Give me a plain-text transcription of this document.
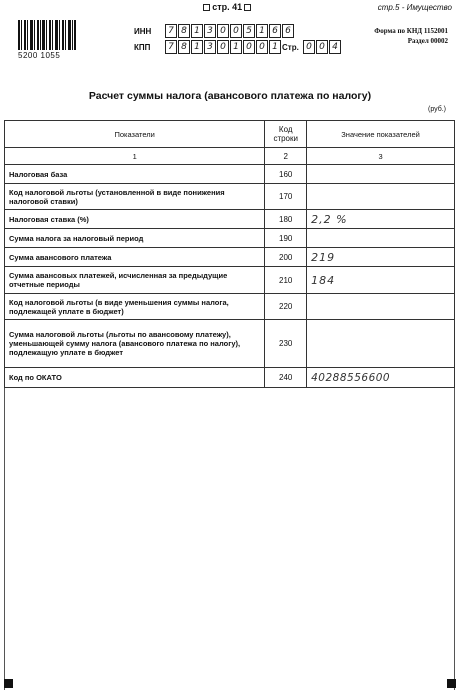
стр. 41	стр.5 - Имущество
5200 1055
ИНН	7 8 1 3 0 0 5 1 6 6
КПП	7 8 1 3 0 1 0 0 1 Стр. 0 0 4
Форма по КНД 1152001
Раздел 00002
Расчет суммы налога (авансового платежа по налогу)
(руб.)
Показатели	Код строки	Значение показателей
1	2	3
Налоговая база	160	
Код налоговой льготы (установленной в виде понижения налоговой ставки)	170	
Налоговая ставка (%)	180	2,2 %
Сумма налога за налоговый период	190	
Сумма авансового платежа	200	219
Сумма авансовых платежей, исчисленная за предыдущие отчетные периоды	210	184
Код налоговой льготы (в виде уменьшения суммы налога, подлежащей уплате в бюджет)	220	
Сумма налоговой льготы (льготы по авансовому платежу), уменьшающей сумму налога (авансового платежа по налогу), подлежащую уплате в бюджет	230	
Код по ОКАТО	240	40288556600
